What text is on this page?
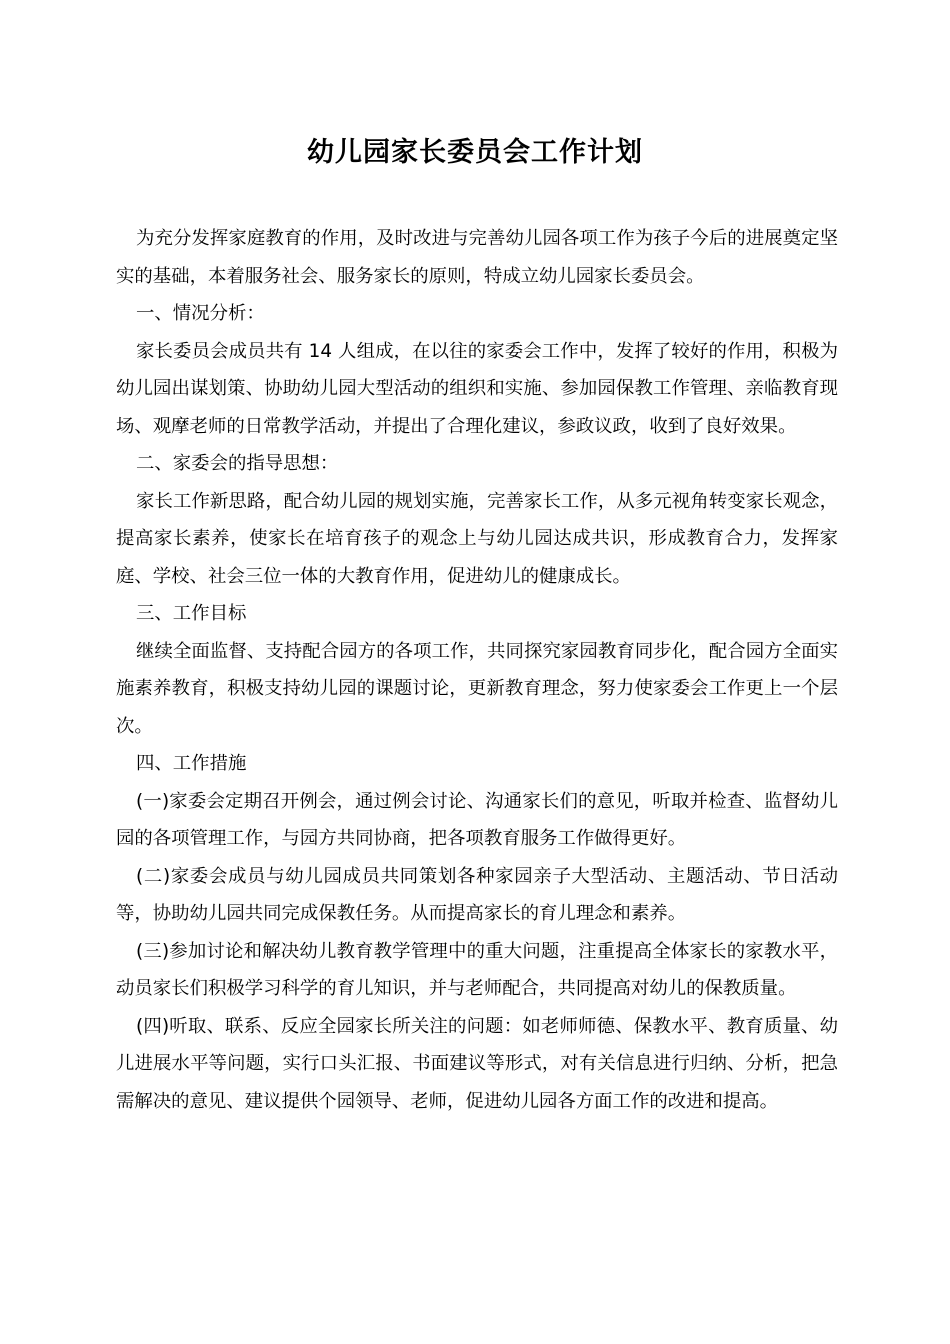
幼儿园家长委员会工作计划

为充分发挥家庭教育的作用，及时改进与完善幼儿园各项工作为孩子今后的进展奠定坚实的基础，本着服务社会、服务家长的原则，特成立幼儿园家长委员会。

一、情况分析：

家长委员会成员共有 14 人组成，在以往的家委会工作中，发挥了较好的作用，积极为幼儿园出谋划策、协助幼儿园大型活动的组织和实施、参加园保教工作管理、亲临教育现场、观摩老师的日常教学活动，并提出了合理化建议，参政议政，收到了良好效果。

二、家委会的指导思想：

家长工作新思路，配合幼儿园的规划实施，完善家长工作，从多元视角转变家长观念，提高家长素养，使家长在培育孩子的观念上与幼儿园达成共识，形成教育合力，发挥家庭、学校、社会三位一体的大教育作用，促进幼儿的健康成长。

三、工作目标

继续全面监督、支持配合园方的各项工作，共同探究家园教育同步化，配合园方全面实施素养教育，积极支持幼儿园的课题讨论，更新教育理念，努力使家委会工作更上一个层次。

四、工作措施

(一)家委会定期召开例会，通过例会讨论、沟通家长们的意见，听取并检查、监督幼儿园的各项管理工作，与园方共同协商，把各项教育服务工作做得更好。

(二)家委会成员与幼儿园成员共同策划各种家园亲子大型活动、主题活动、节日活动等，协助幼儿园共同完成保教任务。从而提高家长的育儿理念和素养。

(三)参加讨论和解决幼儿教育教学管理中的重大问题，注重提高全体家长的家教水平，动员家长们积极学习科学的育儿知识，并与老师配合，共同提高对幼儿的保教质量。

(四)听取、联系、反应全园家长所关注的问题：如老师师德、保教水平、教育质量、幼儿进展水平等问题，实行口头汇报、书面建议等形式，对有关信息进行归纳、分析，把急需解决的意见、建议提供个园领导、老师，促进幼儿园各方面工作的改进和提高。
